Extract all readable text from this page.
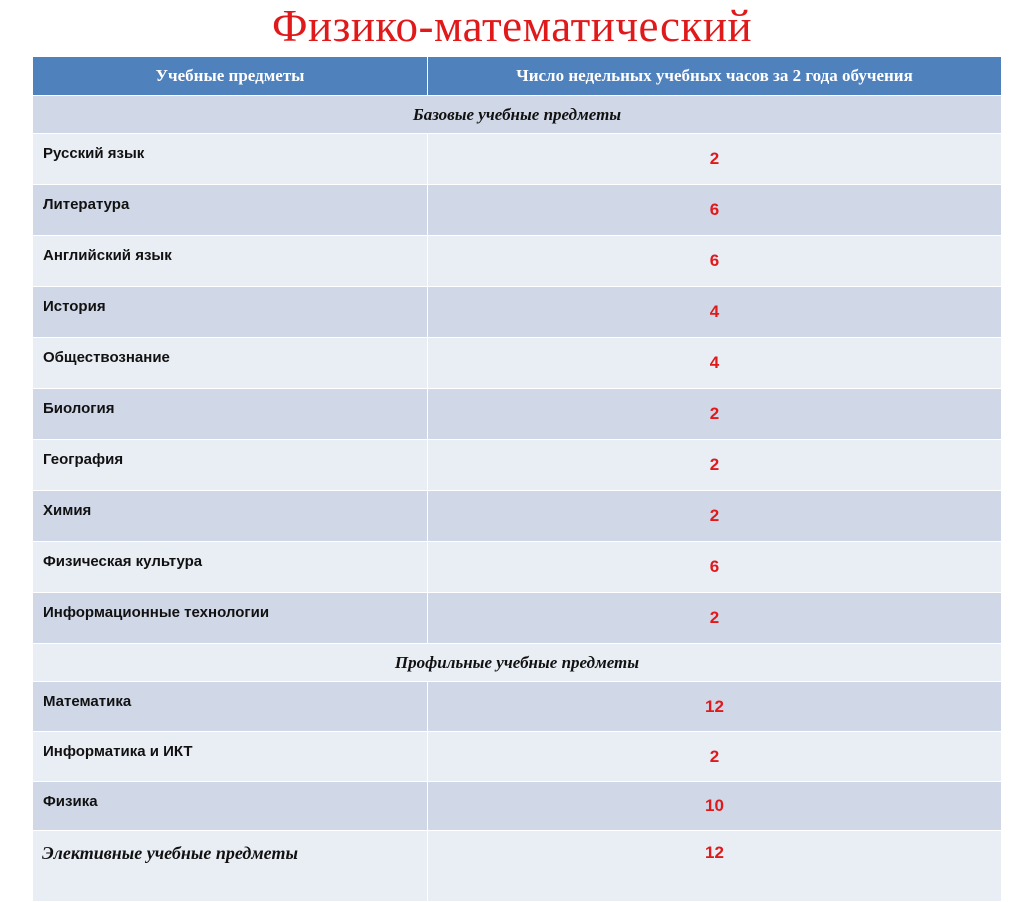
Физико-математический
Учебные предметы	Число недельных учебных часов за 2 года обучения
Базовые учебные предметы	
Русский язык	2
Литература	6
Английский язык	6
История	4
Обществознание	4
Биология	2
География	2
Химия	2
Физическая культура	6
Информационные технологии	2
Профильные учебные предметы	
Математика	12
Информатика и ИКТ	2
Физика	10
Элективные учебные предметы	12
